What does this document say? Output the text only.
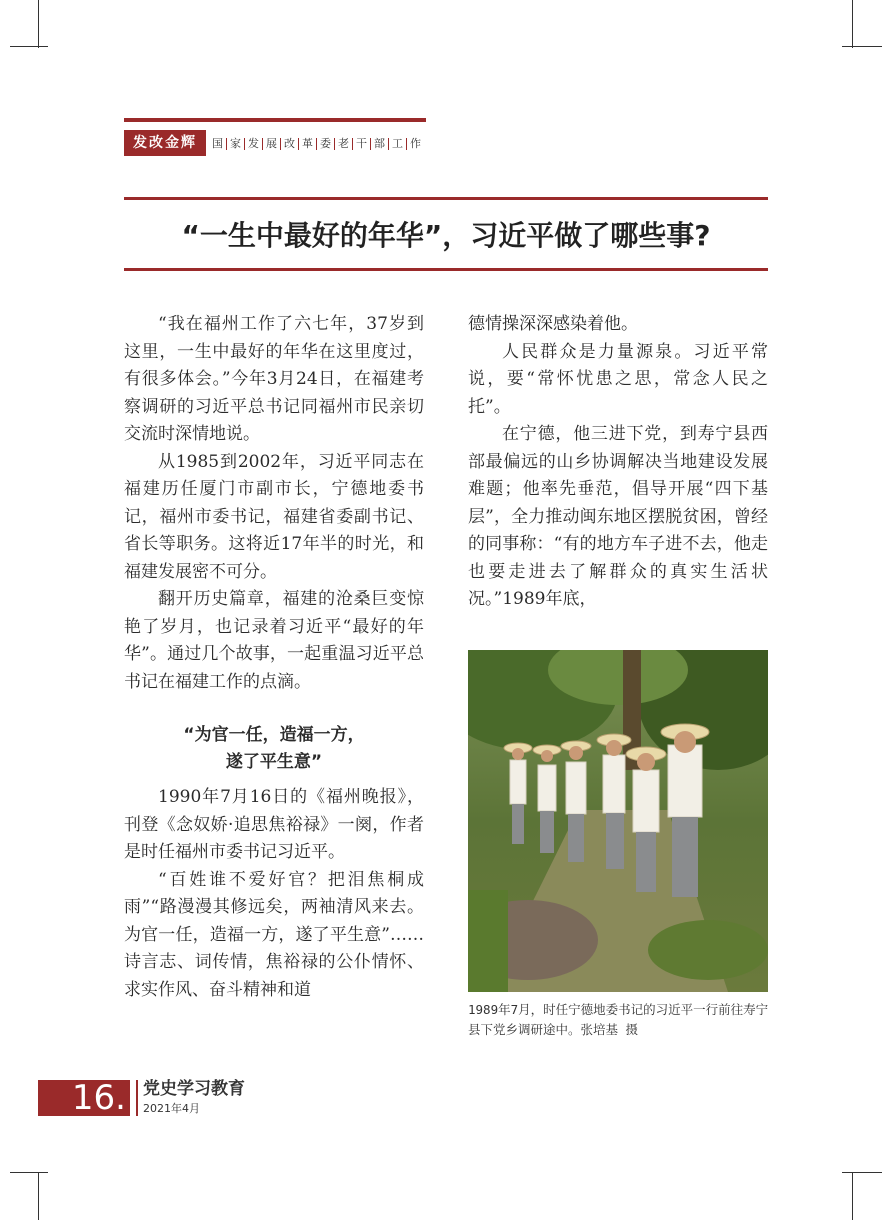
发改金辉	国 家 发 展 改 革 委 老 干 部 工 作
“一生中最好的年华”，习近平做了哪些事?

“我在福州工作了六七年，37岁到这里，一生中最好的年华在这里度过，有很多体会。”今年3月24日，在福建考察调研的习近平总书记同福州市民亲切交流时深情地说。

从1985到2002年，习近平同志在福建历任厦门市副市长，宁德地委书记，福州市委书记，福建省委副书记、省长等职务。这将近17年半的时光，和福建发展密不可分。

翻开历史篇章，福建的沧桑巨变惊艳了岁月，也记录着习近平“最好的年华”。通过几个故事，一起重温习近平总书记在福建工作的点滴。

“为官一任，造福一方，
遂了平生意”

1990年7月16日的《福州晚报》，刊登《念奴娇·追思焦裕禄》一阕，作者是时任福州市委书记习近平。

“百姓谁不爱好官？把泪焦桐成雨”“路漫漫其修远矣，两袖清风来去。为官一任，造福一方，遂了平生意”……诗言志、词传情，焦裕禄的公仆情怀、求实作风、奋斗精神和道

德情操深深感染着他。

人民群众是力量源泉。习近平常说，要“常怀忧患之思，常念人民之托”。

在宁德，他三进下党，到寿宁县西部最偏远的山乡协调解决当地建设发展难题；他率先垂范，倡导开展“四下基层”，全力推动闽东地区摆脱贫困，曾经的同事称：“有的地方车子进不去，他走也要走进去了解群众的真实生活状况。”1989年底，

1989年7月，时任宁德地委书记的习近平一行前往寿宁县下党乡调研途中。张培基 摄
16. 党史学习教育
2021年4月
